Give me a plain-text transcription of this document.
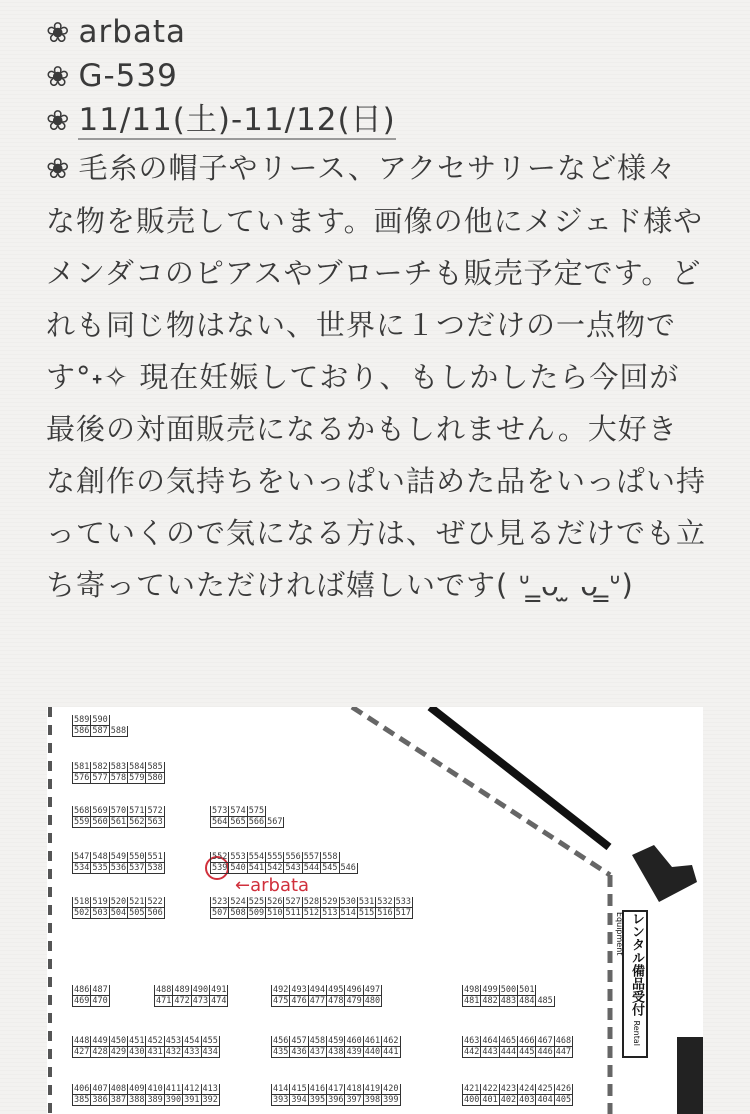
❀ arbata
❀ G-539
❀ 11/11(土)-11/12(日)
❀ 毛糸の帽子やリース、アクセサリーなど様々な物を販売しています。画像の他にメジェド様やメンダコのピアスやブローチも販売予定です。どれも同じ物はない、世界に１つだけの一点物です°˖✧ 現在妊娠しており、もしかしたら今回が最後の対面販売になるかもしれません。大好きな創作の気持ちをいっぱい詰めた品をいっぱい持っていくので気になる方は、ぜひ見るだけでも立ち寄っていただければ嬉しいです( ᐡ ̳ᴗ ̫ ᴗ ̳ᐡ)
589 590
586 587 588
581 582 583 584 585
576 577 578 579 580
568 569 570 571 572
559 560 561 562 563
573 574 575
564 565 566 567
547 548 549 550 551
534 535 536 537 538
552 553 554 555 556 557 558
539 540 541 542 543 544 545 546
518 519 520 521 522
502 503 504 505 506
523 524 525 526 527 528 529 530 531 532 533
507 508 509 510 511 512 513 514 515 516 517
486 487
469 470
488 489 490 491
471 472 473 474
492 493 494 495 496 497
475 476 477 478 479 480
498 499 500 501
481 482 483 484 485
448 449 450 451 452 453 454 455
427 428 429 430 431 432 433 434
456 457 458 459 460 461 462
435 436 437 438 439 440 441
463 464 465 466 467 468
442 443 444 445 446 447
406 407 408 409 410 411 412 413
385 386 387 388 389 390 391 392
414 415 416 417 418 419 420
393 394 395 396 397 398 399
421 422 423 424 425 426
400 401 402 403 404 405
←arbata
レンタル備品受付 Rental Equipment
